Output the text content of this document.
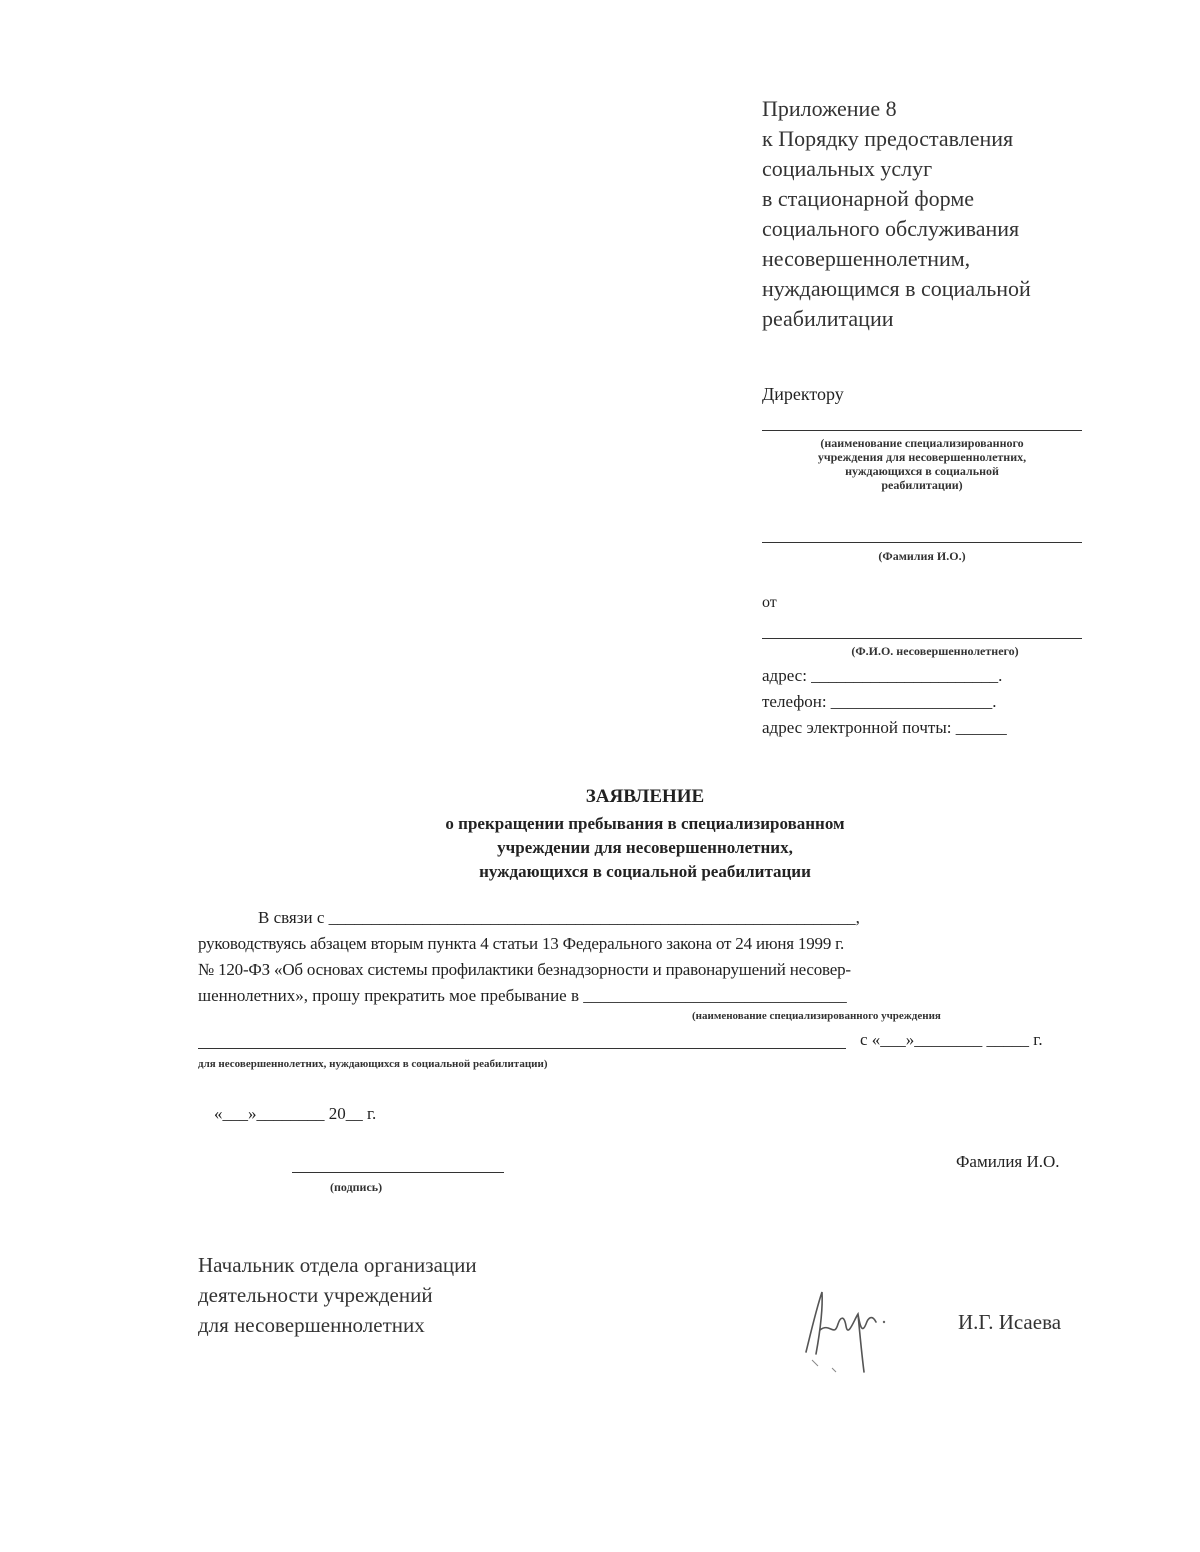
Приложение 8
к Порядку предоставления
социальных услуг
в стационарной форме
социального обслуживания
несовершеннолетним,
нуждающимся в социальной
реабилитации
Директору
(наименование специализированного
учреждения для несовершеннолетних,
нуждающихся в социальной
реабилитации)
(Фамилия И.О.)
от
(Ф.И.О. несовершеннолетнего)
адрес: ______________________.
телефон: ___________________.
адрес электронной почты: ______
ЗАЯВЛЕНИЕ
о прекращении пребывания в специализированном
учреждении для несовершеннолетних,
нуждающихся в социальной реабилитации
В связи с ______________________________________________________________,
руководствуясь абзацем вторым пункта 4 статьи 13 Федерального закона от 24 июня 1999 г.
№ 120-ФЗ «Об основах системы профилактики безнадзорности и правонарушений несовер-
шеннолетних», прошу прекратить мое пребывание в _______________________________
(наименование специализированного учреждения
с «___»________ _____ г.
для несовершеннолетних, нуждающихся в социальной реабилитации)
«___»________ 20__ г.
(подпись)
Фамилия И.О.
Начальник отдела организации
деятельности учреждений
для несовершеннолетних	И.Г. Исаева
